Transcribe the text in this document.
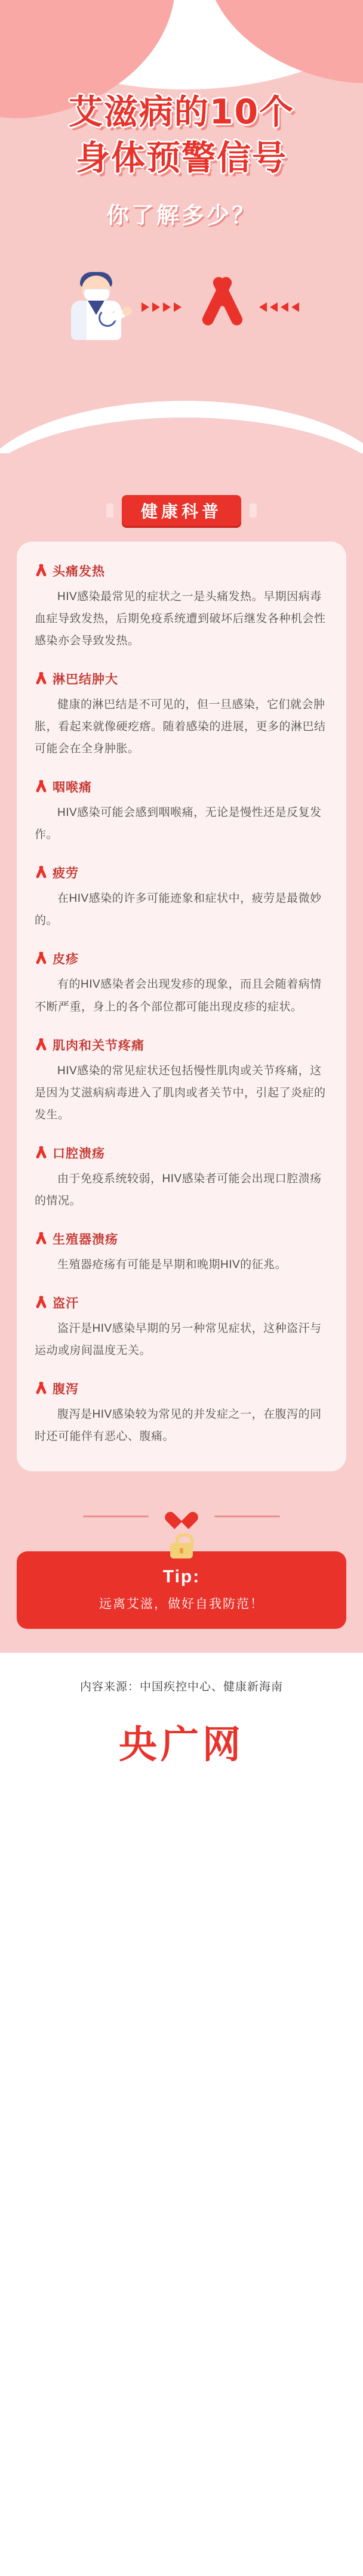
艾滋病的10个
身体预警信号
你了解多少？
健康科普
头痛发热
HIV感染最常见的症状之一是头痛发热。早期因病毒血症导致发热，后期免疫系统遭到破坏后继发各种机会性感染亦会导致发热。
淋巴结肿大
健康的淋巴结是不可见的，但一旦感染，它们就会肿胀，看起来就像硬疙瘩。随着感染的进展，更多的淋巴结可能会在全身肿胀。
咽喉痛
HIV感染可能会感到咽喉痛，无论是慢性还是反复发作。
疲劳
在HIV感染的许多可能迹象和症状中，疲劳是最微妙的。
皮疹
有的HIV感染者会出现发疹的现象，而且会随着病情不断严重，身上的各个部位都可能出现皮疹的症状。
肌肉和关节疼痛
HIV感染的常见症状还包括慢性肌肉或关节疼痛，这是因为艾滋病病毒进入了肌肉或者关节中，引起了炎症的发生。
口腔溃疡
由于免疫系统较弱，HIV感染者可能会出现口腔溃疡的情况。
生殖器溃疡
生殖器疮疡有可能是早期和晚期HIV的征兆。
盗汗
盗汗是HIV感染早期的另一种常见症状，这种盗汗与运动或房间温度无关。
腹泻
腹泻是HIV感染较为常见的并发症之一，在腹泻的同时还可能伴有恶心、腹痛。
Tip:
远离艾滋，做好自我防范！
内容来源：中国疾控中心、健康新海南
央广网
